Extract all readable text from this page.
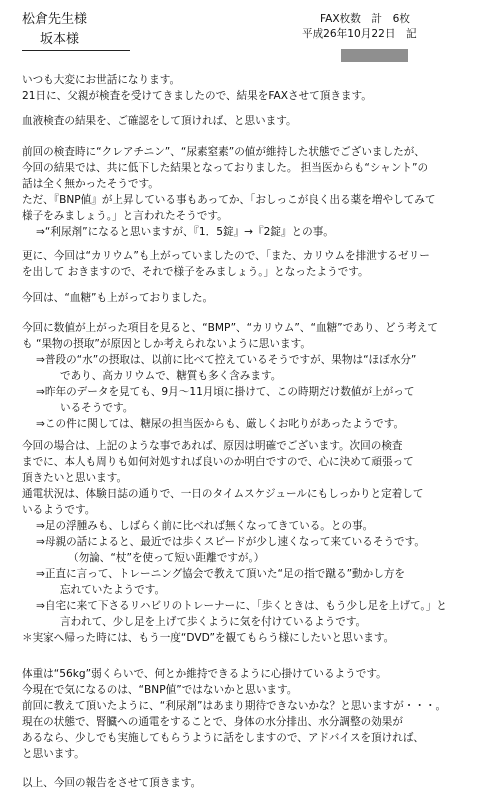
松倉先生様
坂本様
FAX枚数　計　6枚
平成26年10月22日　記
いつも大変にお世話になります。
21日に、父親が検査を受けてきましたので、結果をFAXさせて頂きます。
血液検査の結果を、ご確認をして頂ければ、と思います。
前回の検査時に“クレアチニン”、“尿素窒素”の値が維持した状態でございましたが、
今回の結果では、共に低下した結果となっておりました。 担当医からも“シャント”の
話は全く無かったそうです。
ただ、『BNP値』が上昇している事もあってか、「おしっこが良く出る薬を増やしてみて
様子をみましょう。」と言われたそうです。
⇒“利尿剤”になると思いますが、『1．5錠』→『2錠』との事。
更に、今回は“カリウム”も上がっていましたので、「また、カリウムを排泄するゼリー
を出して おきますので、それで様子をみましょう。」となったようです。
今回は、“血糖”も上がっておりました。
今回に数値が上がった項目を見ると、“BMP”、“カリウム”、“血糖”であり、どう考えて
も “果物の摂取”が原因としか考えられないように思います。
⇒普段の“水”の摂取は、以前に比べて控えているそうですが、果物は“ほぼ水分”
であり、高カリウムで、糖質も多く含みます。
⇒昨年のデータを見ても、9月～11月頃に掛けて、この時期だけ数値が上がって
いるそうです。
⇒この件に関しては、糖尿の担当医からも、厳しくお叱りがあったようです。
今回の場合は、上記のような事であれば、原因は明確でございます。次回の検査
までに、本人も周りも如何対処すれば良いのか明白ですので、心に決めて頑張って
頂きたいと思います。
通電状況は、体験日誌の通りで、一日のタイムスケジュールにもしっかりと定着して
いるようです。
⇒足の浮腫みも、しばらく前に比べれば無くなってきている。との事。
⇒母親の話によると、最近では歩くスピードが少し速くなって来ているそうです。
（勿論、“杖”を使って短い距離ですが。）
⇒正直に言って、トレーニング協会で教えて頂いた“足の指で蹴る”動かし方を
忘れていたようです。
⇒自宅に来て下さるリハビリのトレーナーに、「歩くときは、もう少し足を上げて。」と
言われて、少し足を上げて歩くように気を付けているようです。
＊実家へ帰った時には、もう一度“DVD”を観てもらう様にしたいと思います。
体重は“56kg”弱くらいで、何とか維持できるように心掛けているようです。
今現在で気になるのは、“BNP値”ではないかと思います。
前回に教えて頂いたように、“利尿剤”はあまり期待できないかな？と思いますが・・・。
現在の状態で、腎臓への通電をすることで、身体の水分排出、水分調整の効果が
あるなら、少しでも実施してもらうように話をしますので、アドバイスを頂ければ、
と思います。
以上、今回の報告をさせて頂きます。
